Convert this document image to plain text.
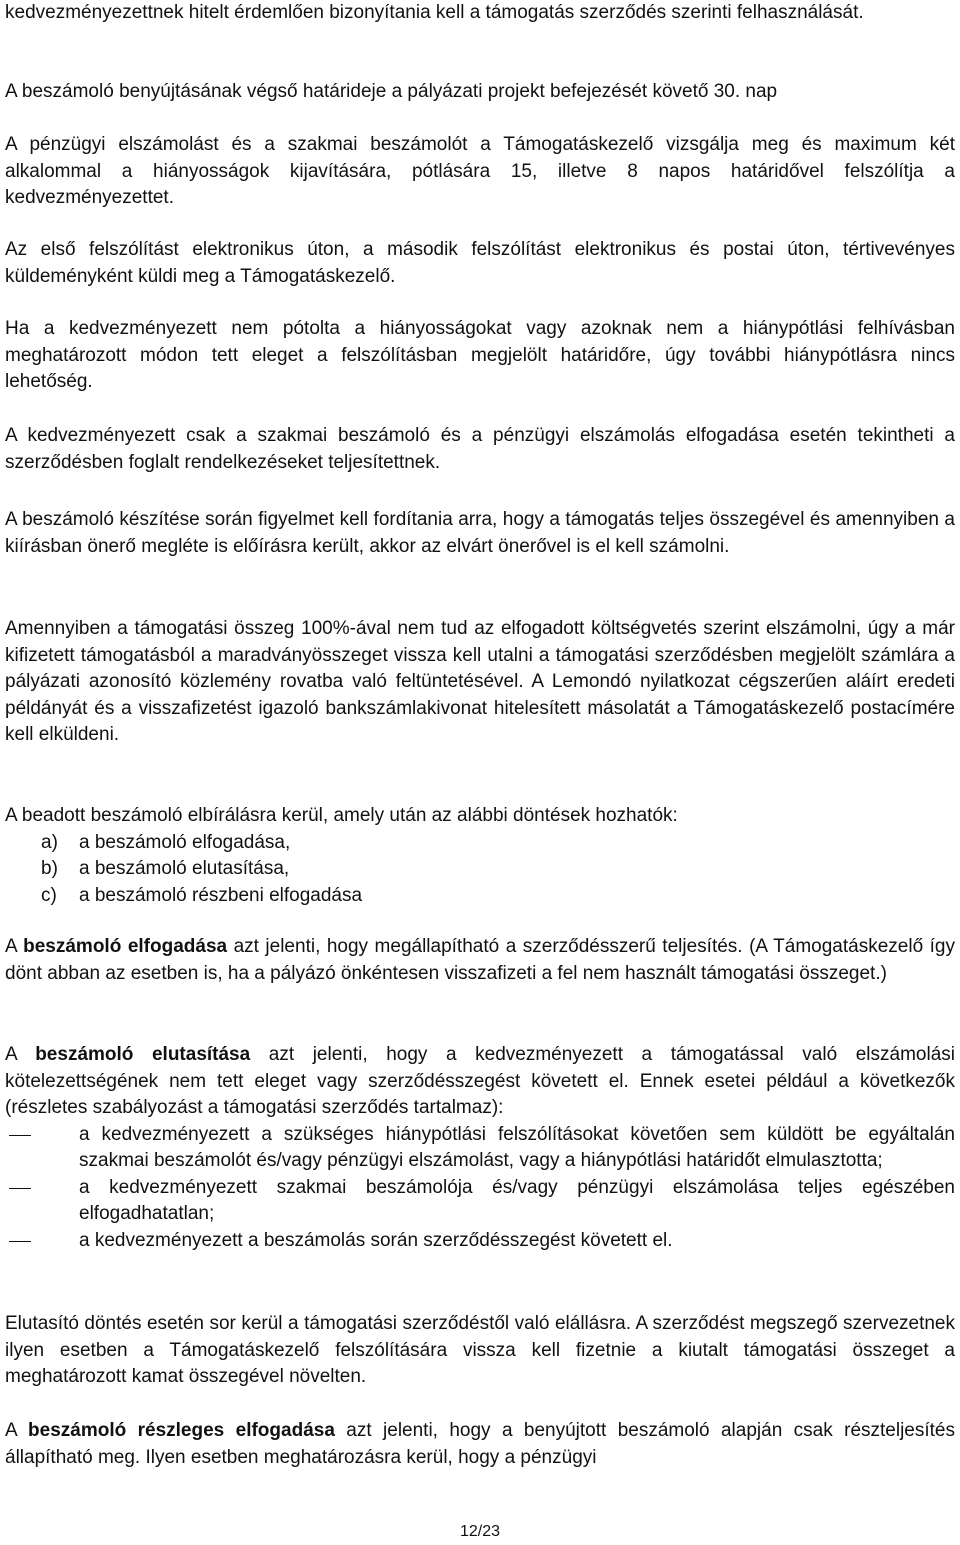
kedvezményezettnek hitelt érdemlően bizonyítania kell a támogatás szerződés szerinti felhasználását.

A beszámoló benyújtásának végső határideje a pályázati projekt befejezését követő 30. nap

A pénzügyi elszámolást és a szakmai beszámolót a Támogatáskezelő vizsgálja meg és maximum két alkalommal a hiányosságok kijavítására, pótlására 15, illetve 8 napos határidővel felszólítja a kedvezményezettet.

Az első felszólítást elektronikus úton, a második felszólítást elektronikus és postai úton, tértivevényes küldeményként küldi meg a Támogatáskezelő.

Ha a kedvezményezett nem pótolta a hiányosságokat vagy azoknak nem a hiánypótlási felhívásban meghatározott módon tett eleget a felszólításban megjelölt határidőre, úgy további hiánypótlásra nincs lehetőség.

A kedvezményezett csak a szakmai beszámoló és a pénzügyi elszámolás elfogadása esetén tekintheti a szerződésben foglalt rendelkezéseket teljesítettnek.

A beszámoló készítése során figyelmet kell fordítania arra, hogy a támogatás teljes összegével és amennyiben a kiírásban önerő megléte is előírásra került, akkor az elvárt önerővel is el kell számolni.

Amennyiben a támogatási összeg 100%-ával nem tud az elfogadott költségvetés szerint elszámolni, úgy a már kifizetett támogatásból a maradványösszeget vissza kell utalni a támogatási szerződésben megjelölt számlára a pályázati azonosító közlemény rovatba való feltüntetésével. A Lemondó nyilatkozat cégszerűen aláírt eredeti példányát és a visszafizetést igazoló bankszámlakivonat hitelesített másolatát a Támogatáskezelő postacímére kell elküldeni.

A beadott beszámoló elbírálásra kerül, amely után az alábbi döntések hozhatók:

a) a beszámoló elfogadása,
b) a beszámoló elutasítása,
c) a beszámoló részbeni elfogadása

A beszámoló elfogadása azt jelenti, hogy megállapítható a szerződésszerű teljesítés. (A Támogatáskezelő így dönt abban az esetben is, ha a pályázó önkéntesen visszafizeti a fel nem használt támogatási összeget.)

A beszámoló elutasítása azt jelenti, hogy a kedvezményezett a támogatással való elszámolási kötelezettségének nem tett eleget vagy szerződésszegést követett el. Ennek esetei például a következők (részletes szabályozást a támogatási szerződés tartalmaz):

a kedvezményezett a szükséges hiánypótlási felszólításokat követően sem küldött be egyáltalán szakmai beszámolót és/vagy pénzügyi elszámolást, vagy a hiánypótlási határidőt elmulasztotta;
a kedvezményezett szakmai beszámolója és/vagy pénzügyi elszámolása teljes egészében elfogadhatatlan;
a kedvezményezett a beszámolás során szerződésszegést követett el.

Elutasító döntés esetén sor kerül a támogatási szerződéstől való elállásra. A szerződést megszegő szervezetnek ilyen esetben a Támogatáskezelő felszólítására vissza kell fizetnie a kiutalt támogatási összeget a meghatározott kamat összegével növelten.

A beszámoló részleges elfogadása azt jelenti, hogy a benyújtott beszámoló alapján csak részteljesítés állapítható meg. Ilyen esetben meghatározásra kerül, hogy a pénzügyi

12/23
